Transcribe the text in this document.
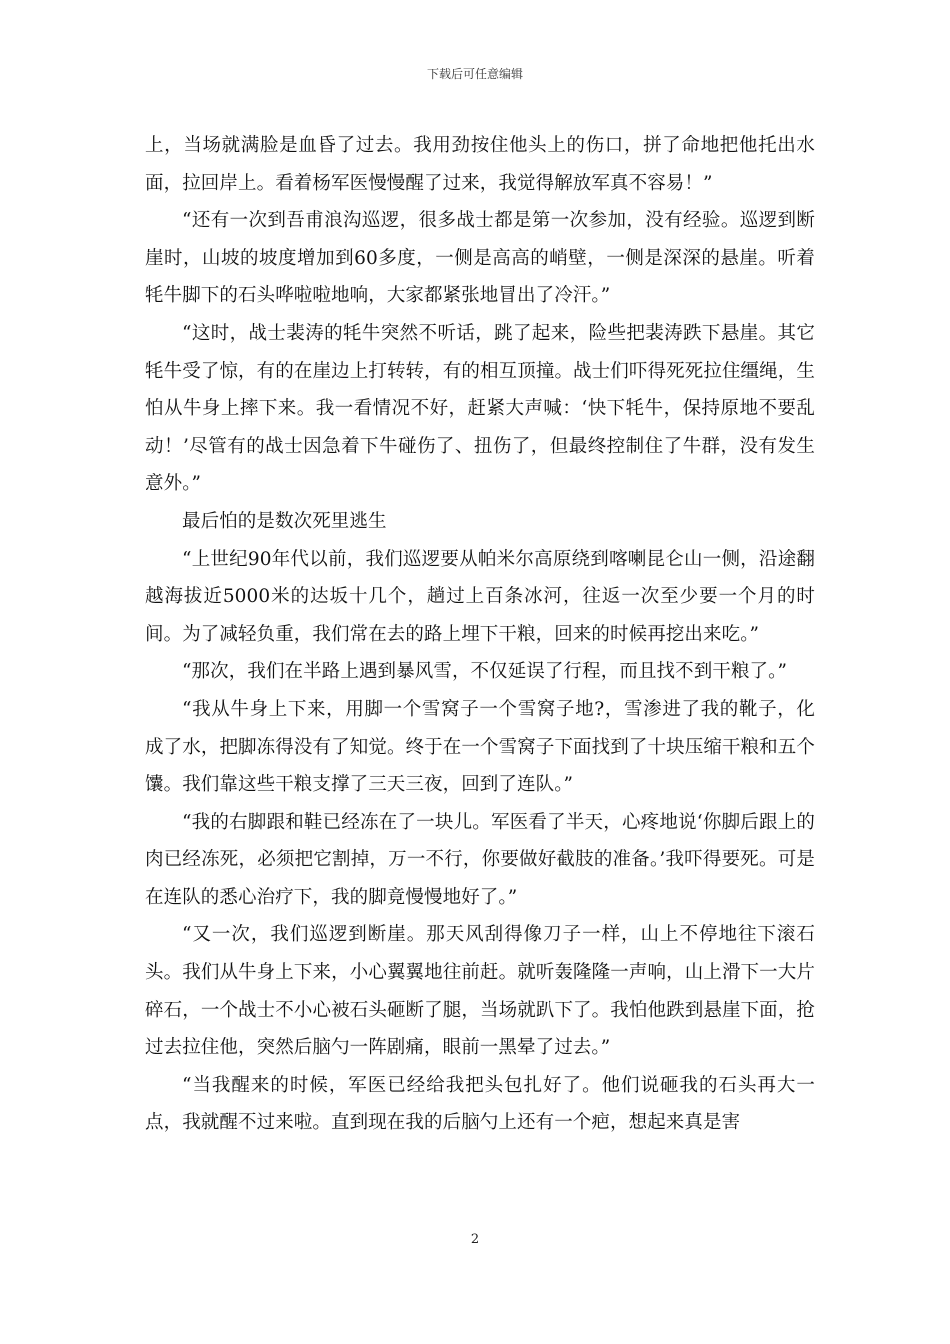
下载后可任意编辑

上，当场就满脸是血昏了过去。我用劲按住他头上的伤口，拼了命地把他托出水面，拉回岸上。看着杨军医慢慢醒了过来，我觉得解放军真不容易！”

“还有一次到吾甫浪沟巡逻，很多战士都是第一次参加，没有经验。巡逻到断崖时，山坡的坡度增加到60多度，一侧是高高的峭壁，一侧是深深的悬崖。听着牦牛脚下的石头哗啦啦地响，大家都紧张地冒出了冷汗。”

“这时，战士裴涛的牦牛突然不听话，跳了起来，险些把裴涛跌下悬崖。其它牦牛受了惊，有的在崖边上打转转，有的相互顶撞。战士们吓得死死拉住缰绳，生怕从牛身上摔下来。我一看情况不好，赶紧大声喊：‘快下牦牛，保持原地不要乱动！’尽管有的战士因急着下牛碰伤了、扭伤了，但最终控制住了牛群，没有发生意外。”

最后怕的是数次死里逃生

“上世纪90年代以前，我们巡逻要从帕米尔高原绕到喀喇昆仑山一侧，沿途翻越海拔近5000米的达坂十几个，趟过上百条冰河，往返一次至少要一个月的时间。为了减轻负重，我们常在去的路上埋下干粮，回来的时候再挖出来吃。”

“那次，我们在半路上遇到暴风雪，不仅延误了行程，而且找不到干粮了。”

“我从牛身上下来，用脚一个雪窝子一个雪窝子地?，雪渗进了我的靴子，化成了水，把脚冻得没有了知觉。终于在一个雪窝子下面找到了十块压缩干粮和五个馕。我们靠这些干粮支撑了三天三夜，回到了连队。”

“我的右脚跟和鞋已经冻在了一块儿。军医看了半天，心疼地说‘你脚后跟上的肉已经冻死，必须把它割掉，万一不行，你要做好截肢的准备。’我吓得要死。可是在连队的悉心治疗下，我的脚竟慢慢地好了。”

“又一次，我们巡逻到断崖。那天风刮得像刀子一样，山上不停地往下滚石头。我们从牛身上下来，小心翼翼地往前赶。就听轰隆隆一声响，山上滑下一大片碎石，一个战士不小心被石头砸断了腿，当场就趴下了。我怕他跌到悬崖下面，抢过去拉住他，突然后脑勺一阵剧痛，眼前一黑晕了过去。”

“当我醒来的时候，军医已经给我把头包扎好了。他们说砸我的石头再大一点，我就醒不过来啦。直到现在我的后脑勺上还有一个疤，想起来真是害

2
